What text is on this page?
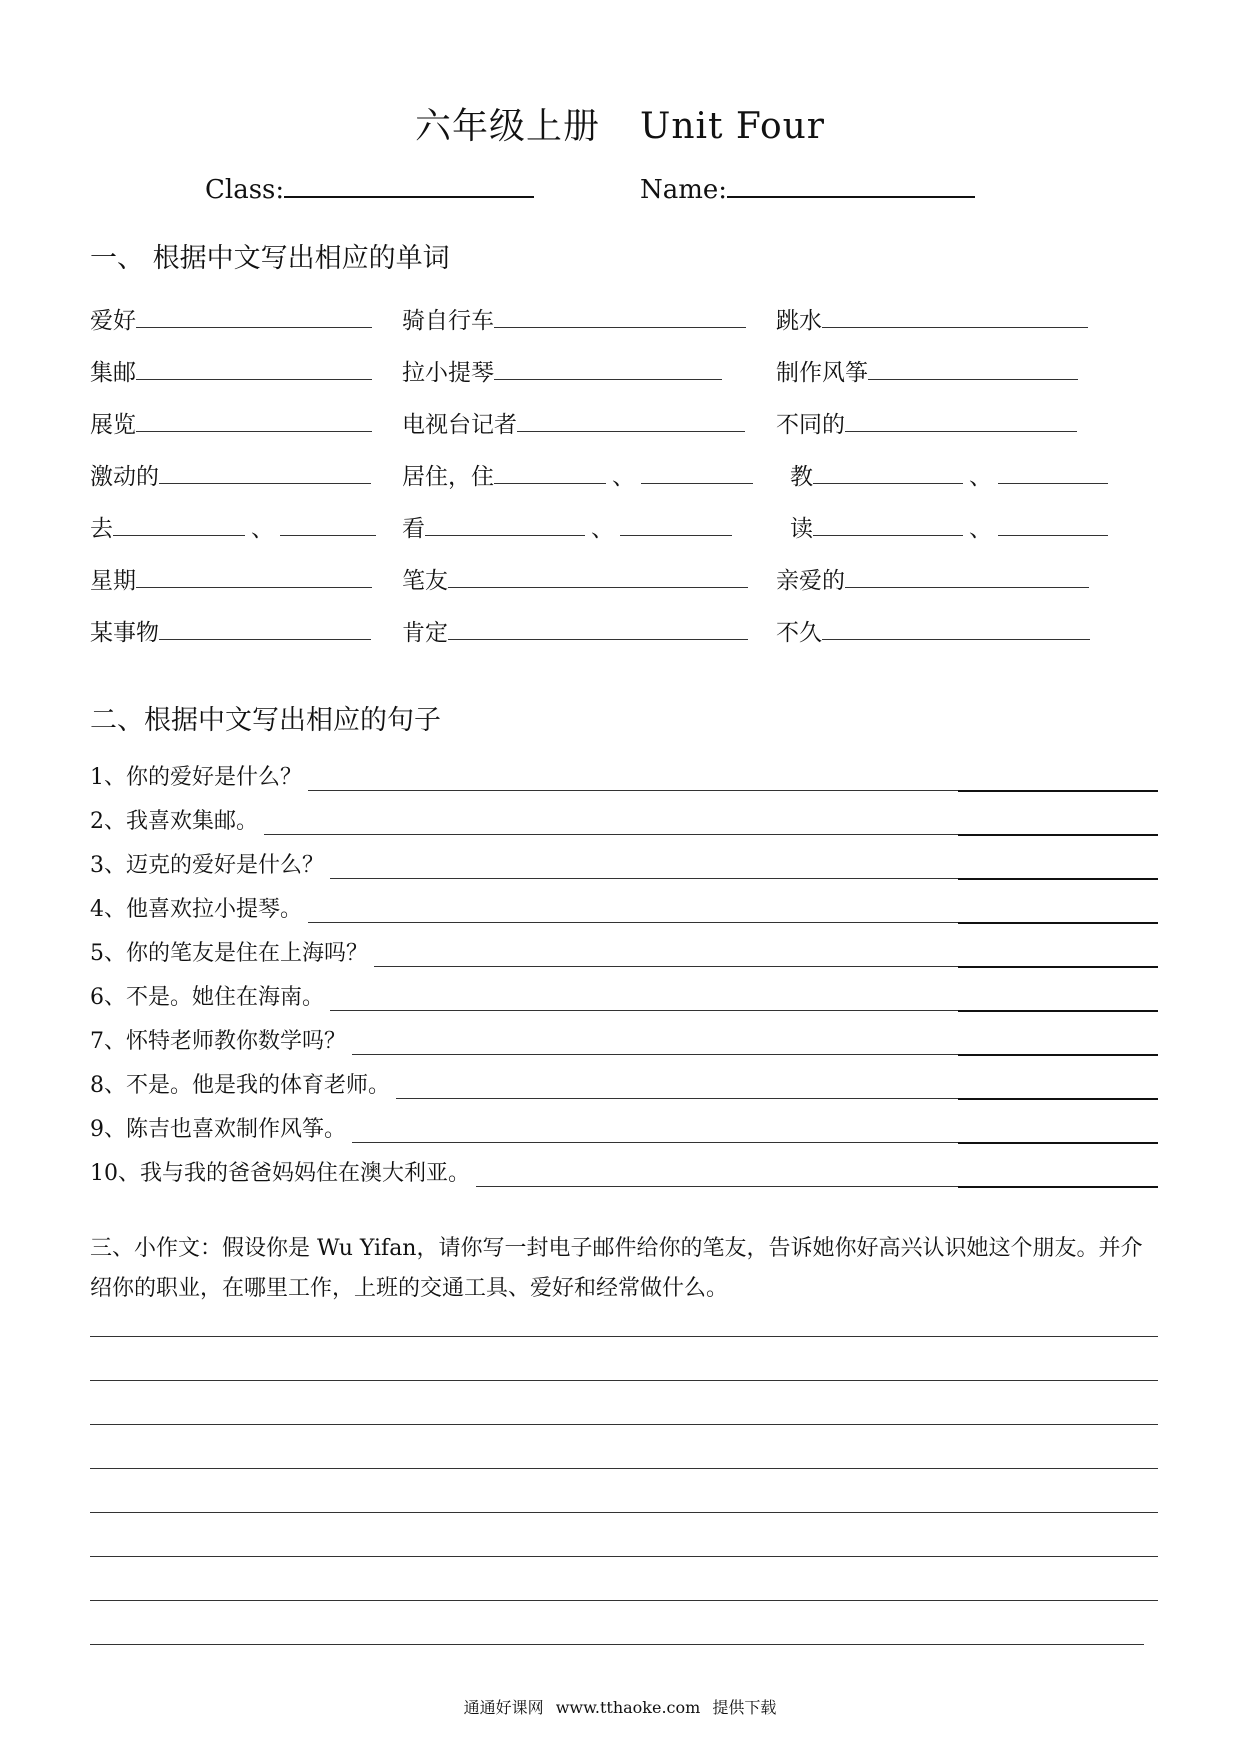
六年级上册 Unit Four
Class:	Name:
一、 根据中文写出相应的单词
爱好	骑自行车	跳水
集邮	拉小提琴	制作风筝
展览	电视台记者	不同的
激动的	居住，住	、	教	、
去	、	看	、	读	、
星期	笔友	亲爱的
某事物	肯定	不久
二、根据中文写出相应的句子
1、你的爱好是什么？
2、我喜欢集邮。
3、迈克的爱好是什么？
4、他喜欢拉小提琴。
5、你的笔友是住在上海吗？
6、不是。她住在海南。
7、怀特老师教你数学吗？
8、不是。他是我的体育老师。
9、陈吉也喜欢制作风筝。
10、我与我的爸爸妈妈住在澳大利亚。
三、小作文：假设你是 Wu Yifan，请你写一封电子邮件给你的笔友，告诉她你好高兴认识她这个朋友。并介绍你的职业，在哪里工作，上班的交通工具、爱好和经常做什么。
通通好课网 www.tthaoke.com 提供下载
